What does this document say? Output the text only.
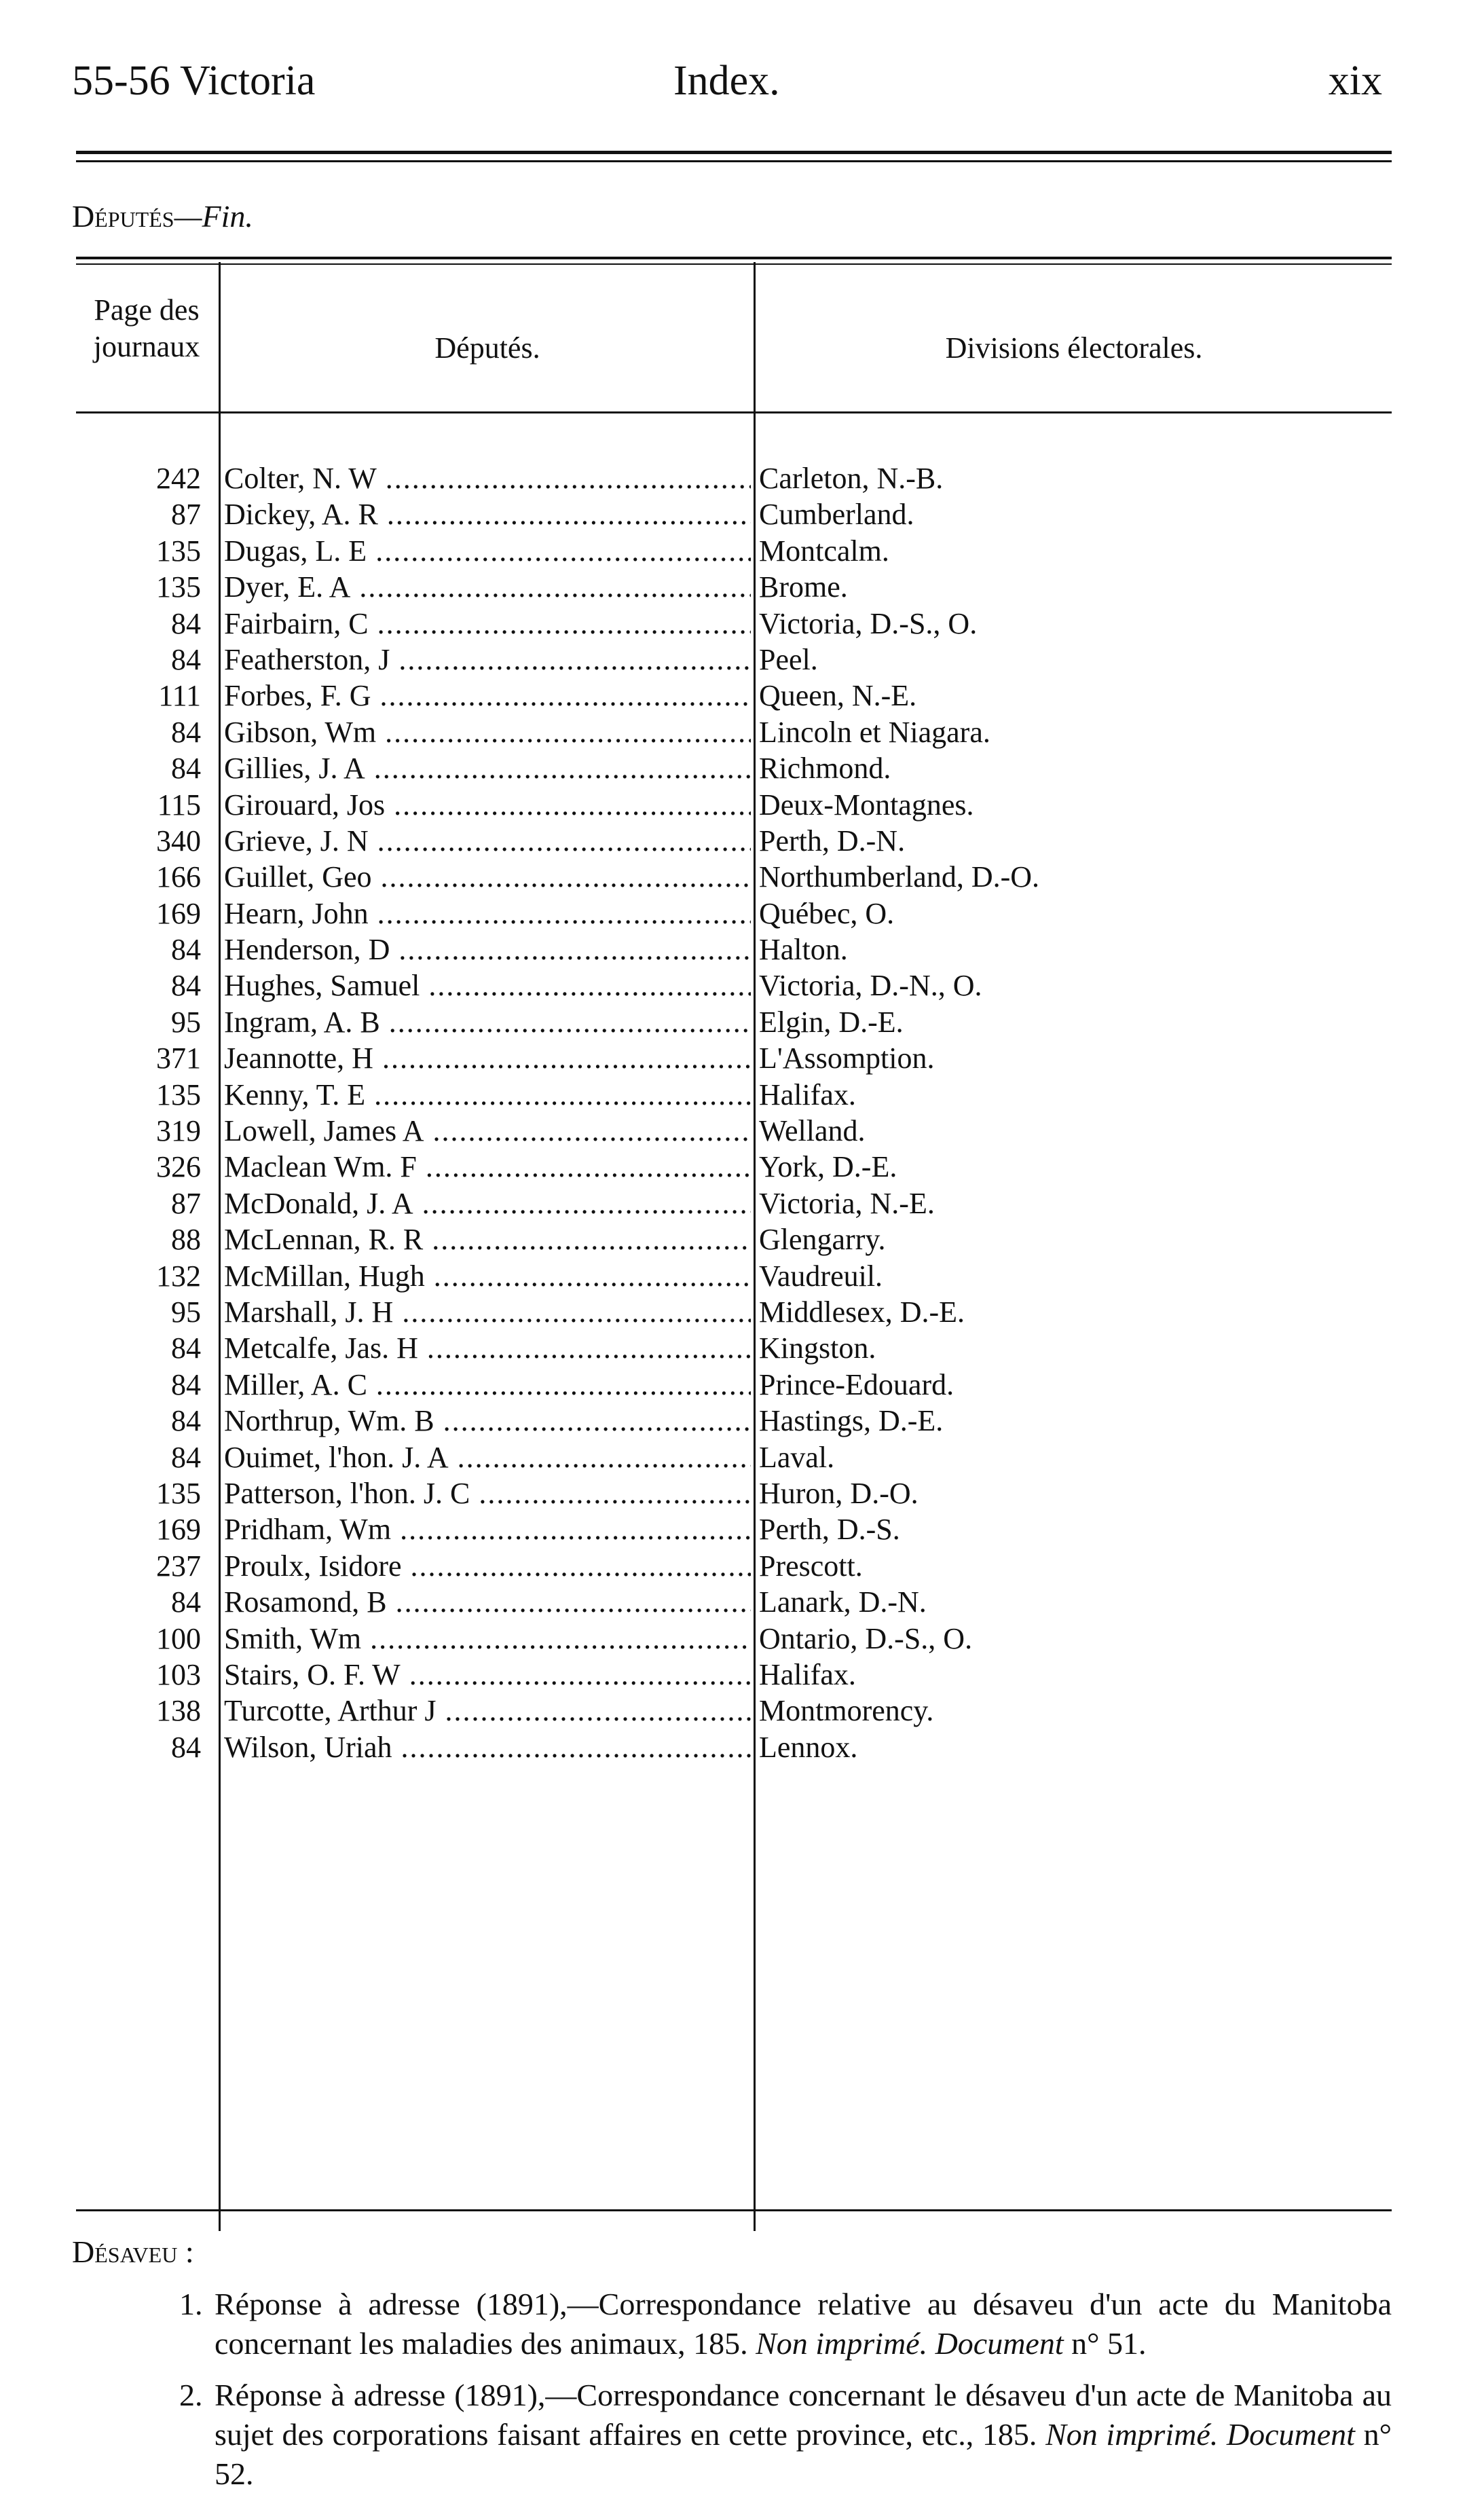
55-56 Victoria	Index.	xix
Députés—Fin.
Page des journaux	Députés.	Divisions électorales.
242 Colter, N. W .....	Carleton, N.-B.
87 Dickey, A. R .....	Cumberland.
135 Dugas, L. E .....	Montcalm.
135 Dyer, E. A .....	Brome.
84 Fairbairn, C .....	Victoria, D.-S., O.
84 Featherston, J .....	Peel.
111 Forbes, F. G .....	Queen, N.-E.
84 Gibson, Wm .....	Lincoln et Niagara.
84 Gillies, J. A .....	Richmond.
115 Girouard, Jos .....	Deux-Montagnes.
340 Grieve, J. N .....	Perth, D.-N.
166 Guillet, Geo .....	Northumberland, D.-O.
169 Hearn, John .....	Québec, O.
84 Henderson, D .....	Halton.
84 Hughes, Samuel .....	Victoria, D.-N., O.
95 Ingram, A. B .....	Elgin, D.-E.
371 Jeannotte, H .....	L'Assomption.
135 Kenny, T. E .....	Halifax.
319 Lowell, James A .....	Welland.
326 Maclean Wm. F .....	York, D.-E.
87 McDonald, J. A .....	Victoria, N.-E.
88 McLennan, R. R .....	Glengarry.
132 McMillan, Hugh .....	Vaudreuil.
95 Marshall, J. H .....	Middlesex, D.-E.
84 Metcalfe, Jas. H .....	Kingston.
84 Miller, A. C .....	Prince-Edouard.
84 Northrup, Wm. B .....	Hastings, D.-E.
84 Ouimet, l'hon. J. A .....	Laval.
135 Patterson, l'hon. J. C .....	Huron, D.-O.
169 Pridham, Wm .....	Perth, D.-S.
237 Proulx, Isidore .....	Prescott.
84 Rosamond, B .....	Lanark, D.-N.
100 Smith, Wm .....	Ontario, D.-S., O.
103 Stairs, O. F. W .....	Halifax.
138 Turcotte, Arthur J .....	Montmorency.
84 Wilson, Uriah .....	Lennox.
Désaveu :
1. Réponse à adresse (1891),—Correspondance relative au désaveu d'un acte du Manitoba concernant les maladies des animaux, 185. Non imprimé. Document n° 51.
2. Réponse à adresse (1891),—Correspondance concernant le désaveu d'un acte de Manitoba au sujet des corporations faisant affaires en cette province, etc., 185. Non imprimé. Document n° 52.
